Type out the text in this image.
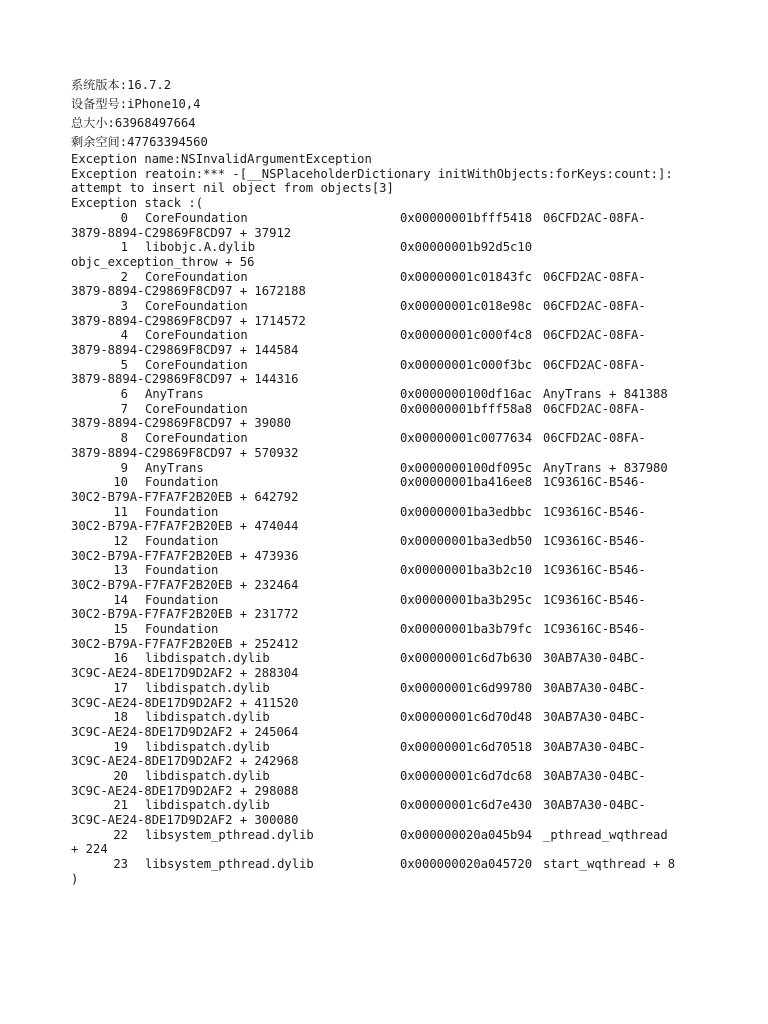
系统版本:16.7.2
设备型号:iPhone10,4
总大小:63968497664
剩余空间:47763394560
Exception name:NSInvalidArgumentException
Exception reatoin:*** -[__NSPlaceholderDictionary initWithObjects:forKeys:count:]:
attempt to insert nil object from objects[3]
Exception stack :(
0	CoreFoundation	0x00000001bfff5418 06CFD2AC-08FA-
3879-8894-C29869F8CD97 + 37912
1	libobjc.A.dylib	0x00000001b92d5c10
objc_exception_throw + 56
2	CoreFoundation	0x00000001c01843fc 06CFD2AC-08FA-
3879-8894-C29869F8CD97 + 1672188
3	CoreFoundation	0x00000001c018e98c 06CFD2AC-08FA-
3879-8894-C29869F8CD97 + 1714572
4	CoreFoundation	0x00000001c000f4c8 06CFD2AC-08FA-
3879-8894-C29869F8CD97 + 144584
5	CoreFoundation	0x00000001c000f3bc 06CFD2AC-08FA-
3879-8894-C29869F8CD97 + 144316
6	AnyTrans	0x0000000100df16ac AnyTrans + 841388
7	CoreFoundation	0x00000001bfff58a8 06CFD2AC-08FA-
3879-8894-C29869F8CD97 + 39080
8	CoreFoundation	0x00000001c0077634 06CFD2AC-08FA-
3879-8894-C29869F8CD97 + 570932
9	AnyTrans	0x0000000100df095c AnyTrans + 837980
10	Foundation	0x00000001ba416ee8 1C93616C-B546-
30C2-B79A-F7FA7F2B20EB + 642792
11	Foundation	0x00000001ba3edbbc 1C93616C-B546-
30C2-B79A-F7FA7F2B20EB + 474044
12	Foundation	0x00000001ba3edb50 1C93616C-B546-
30C2-B79A-F7FA7F2B20EB + 473936
13	Foundation	0x00000001ba3b2c10 1C93616C-B546-
30C2-B79A-F7FA7F2B20EB + 232464
14	Foundation	0x00000001ba3b295c 1C93616C-B546-
30C2-B79A-F7FA7F2B20EB + 231772
15	Foundation	0x00000001ba3b79fc 1C93616C-B546-
30C2-B79A-F7FA7F2B20EB + 252412
16	libdispatch.dylib	0x00000001c6d7b630 30AB7A30-04BC-
3C9C-AE24-8DE17D9D2AF2 + 288304
17	libdispatch.dylib	0x00000001c6d99780 30AB7A30-04BC-
3C9C-AE24-8DE17D9D2AF2 + 411520
18	libdispatch.dylib	0x00000001c6d70d48 30AB7A30-04BC-
3C9C-AE24-8DE17D9D2AF2 + 245064
19	libdispatch.dylib	0x00000001c6d70518 30AB7A30-04BC-
3C9C-AE24-8DE17D9D2AF2 + 242968
20	libdispatch.dylib	0x00000001c6d7dc68 30AB7A30-04BC-
3C9C-AE24-8DE17D9D2AF2 + 298088
21	libdispatch.dylib	0x00000001c6d7e430 30AB7A30-04BC-
3C9C-AE24-8DE17D9D2AF2 + 300080
22	libsystem_pthread.dylib	0x000000020a045b94 _pthread_wqthread
+ 224
23	libsystem_pthread.dylib	0x000000020a045720 start_wqthread + 8
)
